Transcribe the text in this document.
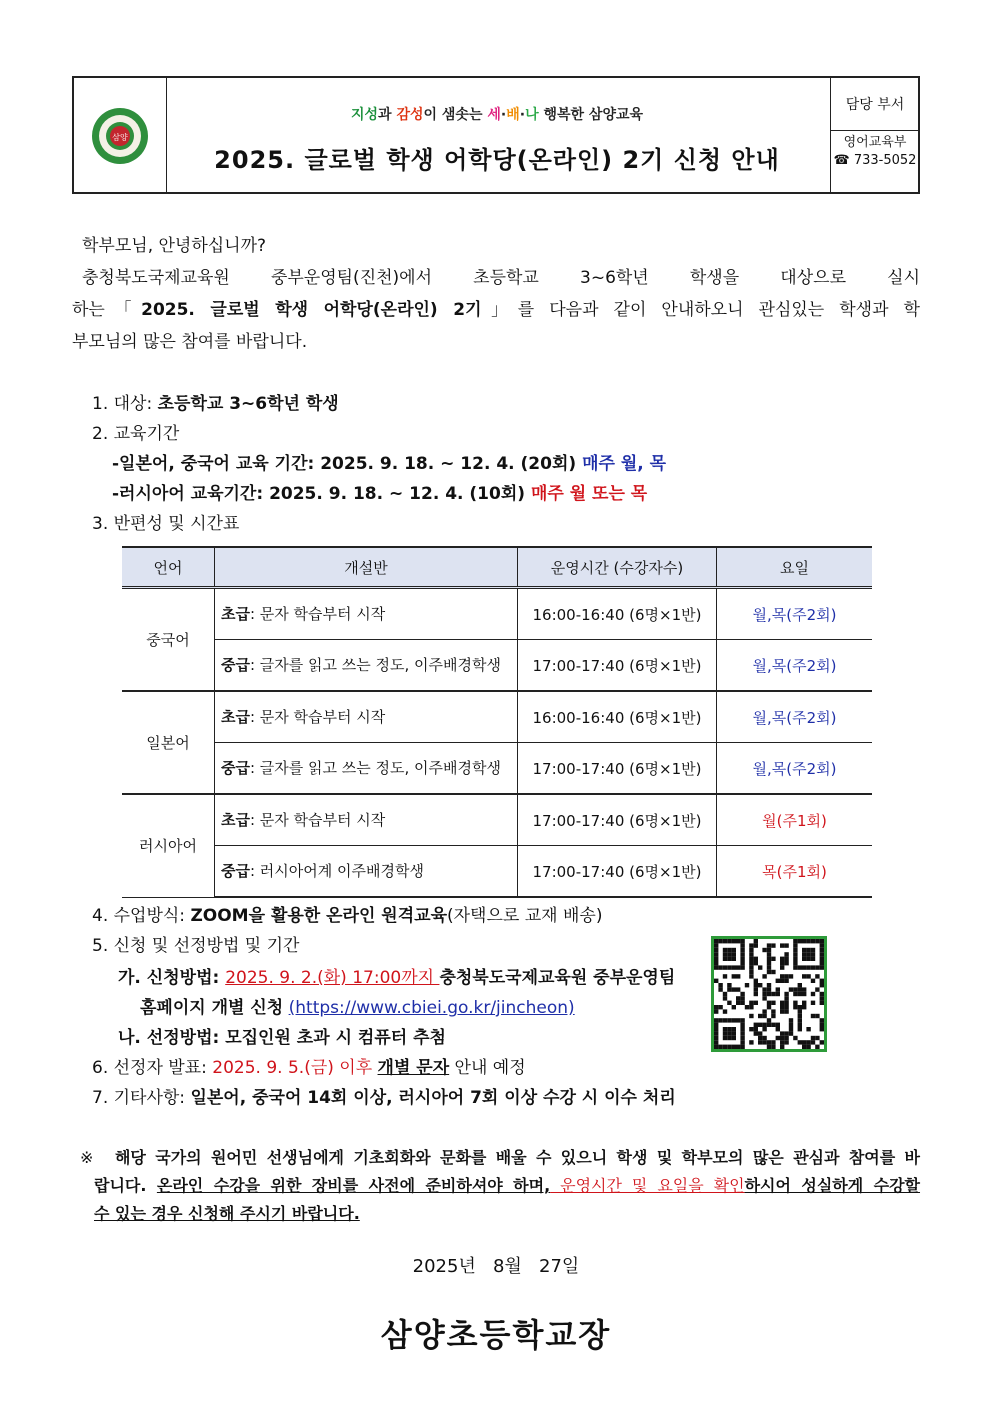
삼양
지성과 감성이 샘솟는 세·배·나 행복한 삼양교육
2025. 글로벌 학생 어학당(온라인) 2기 신청 안내
담당 부서
영어교육부
☎ 733-5052
학부모님, 안녕하십니까?
충청북도국제교육원 중부운영팀(진천)에서 초등학교 3~6학년 학생을 대상으로 실시
하는「2025. 글로벌 학생 어학당(온라인) 2기」를 다음과 같이 안내하오니 관심있는 학생과 학
부모님의 많은 참여를 바랍니다.
1. 대상: 초등학교 3~6학년 학생
2. 교육기간
-일본어, 중국어 교육 기간: 2025. 9. 18. ~ 12. 4. (20회) 매주 월, 목
-러시아어 교육기간: 2025. 9. 18. ~ 12. 4. (10회) 매주 월 또는 목
3. 반편성 및 시간표
언어	개설반	운영시간 (수강자수)	요일
중국어	초급: 문자 학습부터 시작	16:00-16:40 (6명×1반)	월,목(주2회)
	중급: 글자를 읽고 쓰는 정도, 이주배경학생	17:00-17:40 (6명×1반)	월,목(주2회)
일본어	초급: 문자 학습부터 시작	16:00-16:40 (6명×1반)	월,목(주2회)
	중급: 글자를 읽고 쓰는 정도, 이주배경학생	17:00-17:40 (6명×1반)	월,목(주2회)
러시아어	초급: 문자 학습부터 시작	17:00-17:40 (6명×1반)	월(주1회)
	중급: 러시아어계 이주배경학생	17:00-17:40 (6명×1반)	목(주1회)
4. 수업방식: ZOOM을 활용한 온라인 원격교육(자택으로 교재 배송)
5. 신청 및 선정방법 및 기간
가. 신청방법: 2025. 9. 2.(화) 17:00까지 충청북도국제교육원 중부운영팀
홈페이지 개별 신청 (https://www.cbiei.go.kr/jincheon)
나. 선정방법: 모집인원 초과 시 컴퓨터 추첨
6. 선정자 발표: 2025. 9. 5.(금) 이후 개별 문자 안내 예정
7. 기타사항: 일본어, 중국어 14회 이상, 러시아어 7회 이상 수강 시 이수 처리
※ 해당 국가의 원어민 선생님에게 기초회화와 문화를 배울 수 있으니 학생 및 학부모의 많은 관심과 참여를 바
랍니다. 온라인 수강을 위한 장비를 사전에 준비하셔야 하며, 운영시간 및 요일을 확인하시어 성실하게 수강할
수 있는 경우 신청해 주시기 바랍니다.
2025년   8월   27일
삼양초등학교장
